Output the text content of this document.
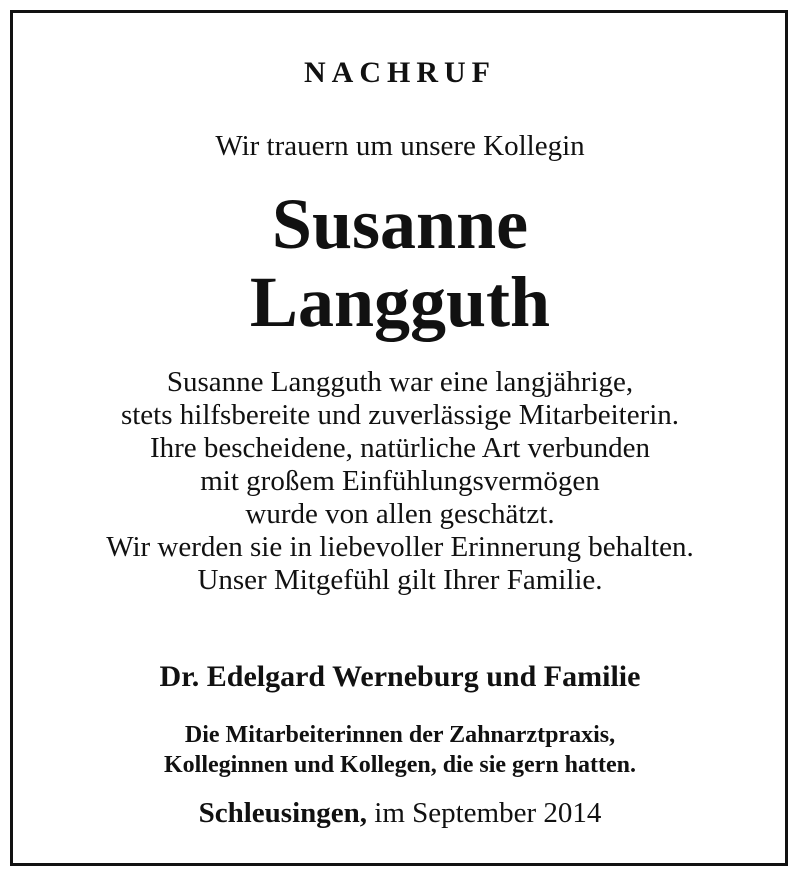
NACHRUF
Wir trauern um unsere Kollegin
Susanne
Langguth
Susanne Langguth war eine langjährige,
stets hilfsbereite und zuverlässige Mitarbeiterin.
Ihre bescheidene, natürliche Art verbunden
mit großem Einfühlungsvermögen
wurde von allen geschätzt.
Wir werden sie in liebevoller Erinnerung behalten.
Unser Mitgefühl gilt Ihrer Familie.
Dr. Edelgard Werneburg und Familie
Die Mitarbeiterinnen der Zahnarztpraxis,
Kolleginnen und Kollegen, die sie gern hatten.
Schleusingen, im September 2014
